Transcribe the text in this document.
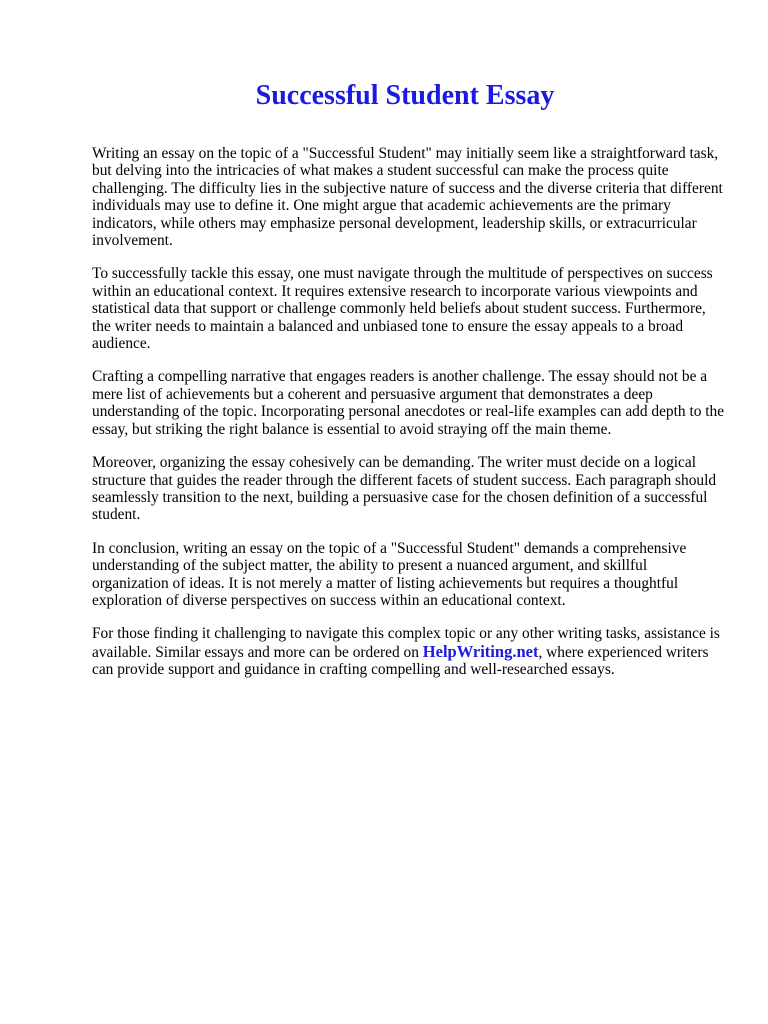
Successful Student Essay

Writing an essay on the topic of a "Successful Student" may initially seem like a straightforward task, but delving into the intricacies of what makes a student successful can make the process quite challenging. The difficulty lies in the subjective nature of success and the diverse criteria that different individuals may use to define it. One might argue that academic achievements are the primary indicators, while others may emphasize personal development, leadership skills, or extracurricular involvement.

To successfully tackle this essay, one must navigate through the multitude of perspectives on success within an educational context. It requires extensive research to incorporate various viewpoints and statistical data that support or challenge commonly held beliefs about student success. Furthermore, the writer needs to maintain a balanced and unbiased tone to ensure the essay appeals to a broad audience.

Crafting a compelling narrative that engages readers is another challenge. The essay should not be a mere list of achievements but a coherent and persuasive argument that demonstrates a deep understanding of the topic. Incorporating personal anecdotes or real-life examples can add depth to the essay, but striking the right balance is essential to avoid straying off the main theme.

Moreover, organizing the essay cohesively can be demanding. The writer must decide on a logical structure that guides the reader through the different facets of student success. Each paragraph should seamlessly transition to the next, building a persuasive case for the chosen definition of a successful student.

In conclusion, writing an essay on the topic of a "Successful Student" demands a comprehensive understanding of the subject matter, the ability to present a nuanced argument, and skillful organization of ideas. It is not merely a matter of listing achievements but requires a thoughtful exploration of diverse perspectives on success within an educational context.

For those finding it challenging to navigate this complex topic or any other writing tasks, assistance is available. Similar essays and more can be ordered on HelpWriting.net, where experienced writers can provide support and guidance in crafting compelling and well-researched essays.
